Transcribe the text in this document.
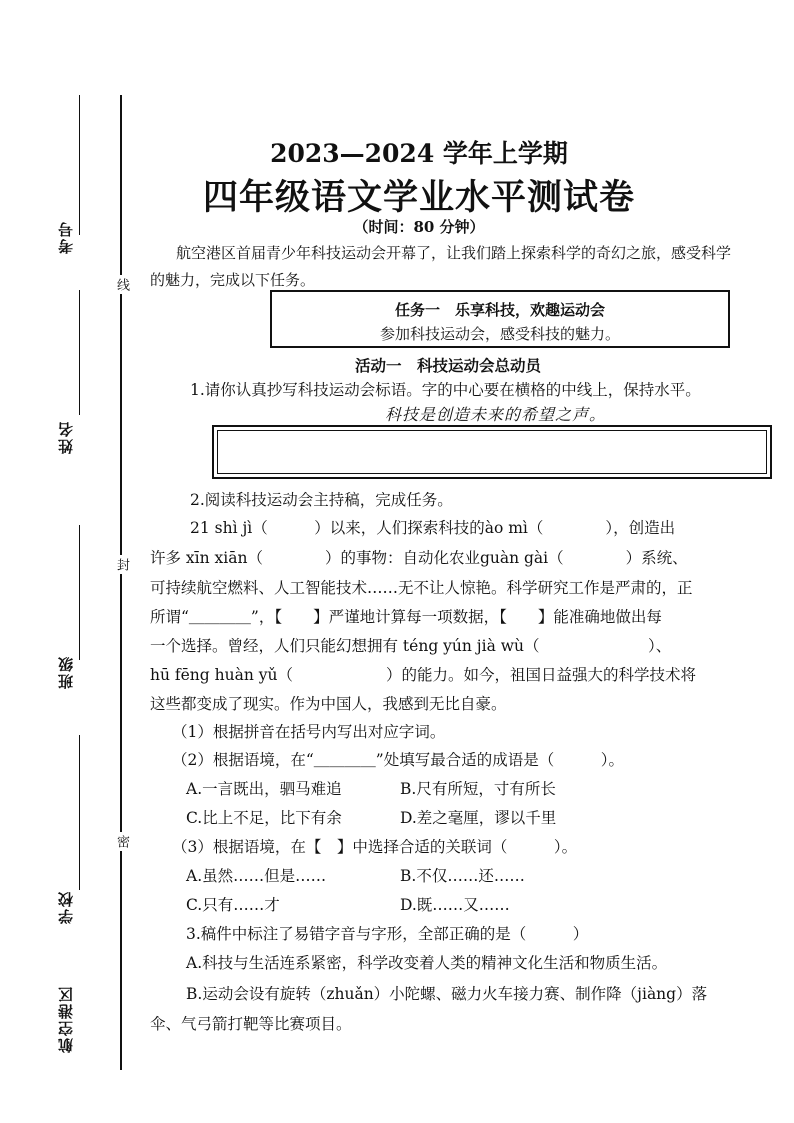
考号
姓名
班级
学校
航空港区
线
封
密
2023—2024 学年上学期
四年级语文学业水平测试卷
（时间：80 分钟）
航空港区首届青少年科技运动会开幕了，让我们踏上探索科学的奇幻之旅，感受科学的魅力，完成以下任务。
任务一　乐享科技，欢趣运动会
参加科技运动会，感受科技的魅力。
活动一　科技运动会总动员
1.请你认真抄写科技运动会标语。字的中心要在横格的中线上，保持水平。
科技是创造未来的希望之声。
2.阅读科技运动会主持稿，完成任务。
21 shì jì（　　　）以来，人们探索科技的ào mì（　　　　），创造出
许多 xīn xiān（　　　　）的事物：自动化农业guàn gài（　　　　）系统、
可持续航空燃料、人工智能技术……无不让人惊艳。科学研究工作是严肃的，正
所谓“＿＿＿＿”，【　　】严谨地计算每一项数据，【　　】能准确地做出每
一个选择。曾经，人们只能幻想拥有 téng yún jià wù（　　　　　　　）、
hū fēng huàn yǔ（　　　　　　）的能力。如今，祖国日益强大的科学技术将
这些都变成了现实。作为中国人，我感到无比自豪。
（1）根据拼音在括号内写出对应字词。
（2）根据语境，在“＿＿＿＿”处填写最合适的成语是（　　　）。
A.一言既出，驷马难追	B.尺有所短，寸有所长
C.比上不足，比下有余	D.差之毫厘，谬以千里
（3）根据语境，在【　】中选择合适的关联词（　　　）。
A.虽然……但是……	B.不仅……还……
C.只有……才	D.既……又……
3.稿件中标注了易错字音与字形，全部正确的是（　　　）
A.科技与生活连系紧密，科学改变着人类的精神文化生活和物质生活。
B.运动会设有旋转（zhuǎn）小陀螺、磁力火车接力赛、制作降（jiàng）落
伞、气弓箭打靶等比赛项目。
